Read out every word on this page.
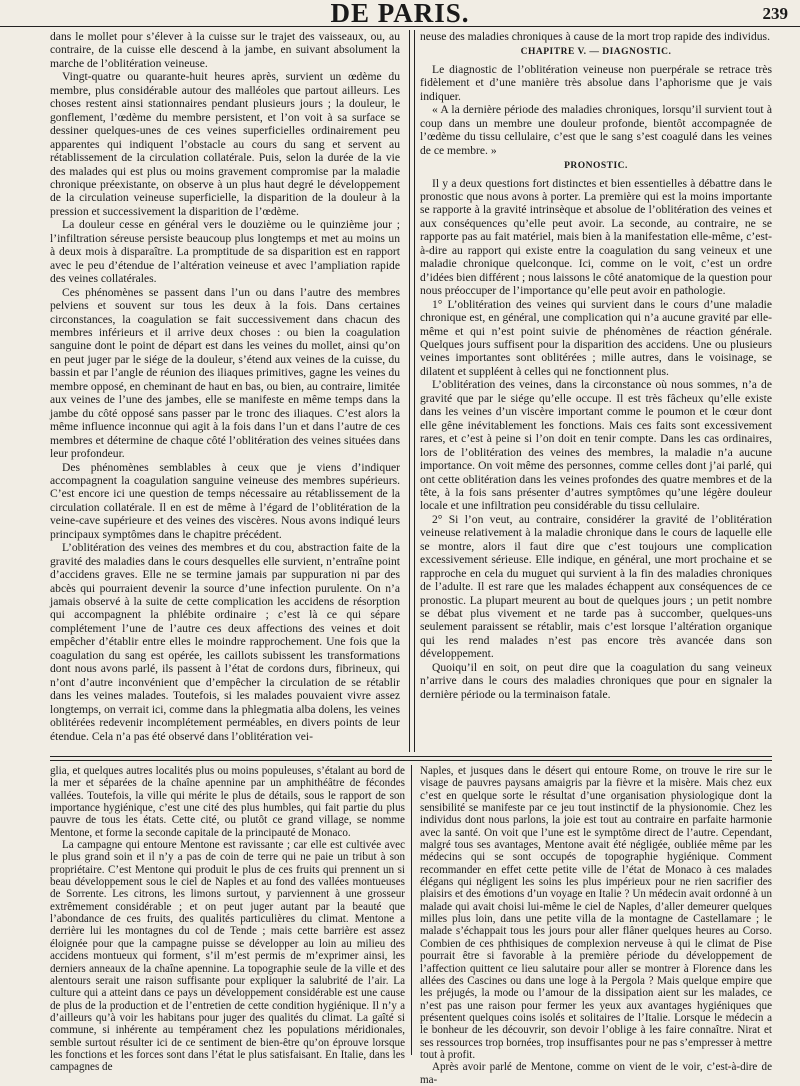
DE PARIS.	239

dans le mollet pour s’élever à la cuisse sur le trajet des vaisseaux, ou, au contraire, de la cuisse elle descend à la jambe, en suivant absolument la marche de l’oblitération veineuse.

Vingt-quatre ou quarante-huit heures après, survient un œdème du membre, plus considérable autour des malléoles que partout ailleurs. Les choses restent ainsi stationnaires pendant plusieurs jours ; la douleur, le gonflement, l’œdème du membre persistent, et l’on voit à sa surface se dessiner quelques-unes de ces veines superficielles ordinairement peu apparentes qui indiquent l’obstacle au cours du sang et servent au rétablissement de la circulation collatérale. Puis, selon la durée de la vie des malades qui est plus ou moins gravement compromise par la maladie chronique préexistante, on observe à un plus haut degré le développement de la circulation veineuse superficielle, la disparition de la douleur à la pression et successivement la disparition de l’œdème.

La douleur cesse en général vers le douzième ou le quinzième jour ; l’infiltration séreuse persiste beaucoup plus longtemps et met au moins un à deux mois à disparaître. La promptitude de sa disparition est en rapport avec le peu d’étendue de l’altération veineuse et avec l’ampliation rapide des veines collatérales.

Ces phénomènes se passent dans l’un ou dans l’autre des membres pelviens et souvent sur tous les deux à la fois. Dans certaines circonstances, la coagulation se fait successivement dans chacun des membres inférieurs et il arrive deux choses : ou bien la coagulation sanguine dont le point de départ est dans les veines du mollet, ainsi qu’on en peut juger par le siége de la douleur, s’étend aux veines de la cuisse, du bassin et par l’angle de réunion des iliaques primitives, gagne les veines du membre opposé, en cheminant de haut en bas, ou bien, au contraire, limitée aux veines de l’une des jambes, elle se manifeste en même temps dans la jambe du côté opposé sans passer par le tronc des iliaques. C’est alors la même influence inconnue qui agit à la fois dans l’un et dans l’autre de ces membres et détermine de chaque côté l’oblitération des veines situées dans leur profondeur.

Des phénomènes semblables à ceux que je viens d’indiquer accompagnent la coagulation sanguine veineuse des membres supérieurs. C’est encore ici une question de temps nécessaire au rétablissement de la circulation collatérale. Il en est de même à l’égard de l’oblitération de la veine-cave supérieure et des veines des viscères. Nous avons indiqué leurs principaux symptômes dans le chapitre précédent.

L’oblitération des veines des membres et du cou, abstraction faite de la gravité des maladies dans le cours desquelles elle survient, n’entraîne point d’accidens graves. Elle ne se termine jamais par suppuration ni par des abcès qui pourraient devenir la source d’une infection purulente. On n’a jamais observé à la suite de cette complication les accidens de résorption qui accompagnent la phlébite ordinaire ; c’est là ce qui sépare complétement l’une de l’autre ces deux affections des veines et doit empêcher d’établir entre elles le moindre rapprochement. Une fois que la coagulation du sang est opérée, les caillots subissent les transformations dont nous avons parlé, ils passent à l’état de cordons durs, fibrineux, qui n’ont d’autre inconvénient que d’empêcher la circulation de se rétablir dans les veines malades. Toutefois, si les malades pouvaient vivre assez longtemps, on verrait ici, comme dans la phlegmatia alba dolens, les veines oblitérées redevenir incomplétement perméables, en divers points de leur étendue. Cela n’a pas été observé dans l’oblitération vei-

neuse des maladies chroniques à cause de la mort trop rapide des individus.

CHAPITRE V. — DIAGNOSTIC.

Le diagnostic de l’oblitération veineuse non puerpérale se retrace très fidèlement et d’une manière très absolue dans l’aphorisme que je vais indiquer.

« A la dernière période des maladies chroniques, lorsqu’il survient tout à coup dans un membre une douleur profonde, bientôt accompagnée de l’œdème du tissu cellulaire, c’est que le sang s’est coagulé dans les veines de ce membre. »

PRONOSTIC.

Il y a deux questions fort distinctes et bien essentielles à débattre dans le pronostic que nous avons à porter. La première qui est la moins importante se rapporte à la gravité intrinsèque et absolue de l’oblitération des veines et aux conséquences qu’elle peut avoir. La seconde, au contraire, ne se rapporte pas au fait matériel, mais bien à la manifestation elle-même, c’est-à-dire au rapport qui existe entre la coagulation du sang veineux et une maladie chronique quelconque. Ici, comme on le voit, c’est un ordre d’idées bien différent ; nous laissons le côté anatomique de la question pour nous préoccuper de l’importance qu’elle peut avoir en pathologie.

1° L’oblitération des veines qui survient dans le cours d’une maladie chronique est, en général, une complication qui n’a aucune gravité par elle-même et qui n’est point suivie de phénomènes de réaction générale. Quelques jours suffisent pour la disparition des accidens. Une ou plusieurs veines importantes sont oblitérées ; mille autres, dans le voisinage, se dilatent et suppléent à celles qui ne fonctionnent plus.

L’oblitération des veines, dans la circonstance où nous sommes, n’a de gravité que par le siége qu’elle occupe. Il est très fâcheux qu’elle existe dans les veines d’un viscère important comme le poumon et le cœur dont elle gêne inévitablement les fonctions. Mais ces faits sont excessivement rares, et c’est à peine si l’on doit en tenir compte. Dans les cas ordinaires, lors de l’oblitération des veines des membres, la maladie n’a aucune importance. On voit même des personnes, comme celles dont j’ai parlé, qui ont cette oblitération dans les veines profondes des quatre membres et de la tête, à la fois sans présenter d’autres symptômes qu’une légère douleur locale et une infiltration peu considérable du tissu cellulaire.

2° Si l’on veut, au contraire, considérer la gravité de l’oblitération veineuse relativement à la maladie chronique dans le cours de laquelle elle se montre, alors il faut dire que c’est toujours une complication excessivement sérieuse. Elle indique, en général, une mort prochaine et se rapproche en cela du muguet qui survient à la fin des maladies chroniques de l’adulte. Il est rare que les malades échappent aux conséquences de ce pronostic. La plupart meurent au bout de quelques jours ; un petit nombre se débat plus vivement et ne tarde pas à succomber, quelques-uns seulement paraissent se rétablir, mais c’est lorsque l’altération organique qui les rend malades n’est pas encore très avancée dans son développement.

Quoiqu’il en soit, on peut dire que la coagulation du sang veineux n’arrive dans le cours des maladies chroniques que pour en signaler la dernière période ou la terminaison fatale.

glia, et quelques autres localités plus ou moins populeuses, s’étalant au bord de la mer et séparées de la chaîne apennine par un amphithéâtre de fécondes vallées. Toutefois, la ville qui mérite le plus de détails, sous le rapport de son importance hygiénique, c’est une cité des plus humbles, qui fait partie du plus pauvre de tous les états. Cette cité, ou plutôt ce grand village, se nomme Mentone, et forme la seconde capitale de la principauté de Monaco.

La campagne qui entoure Mentone est ravissante ; car elle est cultivée avec le plus grand soin et il n’y a pas de coin de terre qui ne paie un tribut à son propriétaire. C’est Mentone qui produit le plus de ces fruits qui prennent un si beau développement sous le ciel de Naples et au fond des vallées montueuses de Sorrente. Les citrons, les limons surtout, y parviennent à une grosseur extrêmement considérable ; et on peut juger autant par la beauté que l’abondance de ces fruits, des qualités particulières du climat. Mentone a derrière lui les montagnes du col de Tende ; mais cette barrière est assez éloignée pour que la campagne puisse se développer au loin au milieu des accidens montueux qui forment, s’il m’est permis de m’exprimer ainsi, les derniers anneaux de la chaîne apennine. La topographie seule de la ville et des alentours serait une raison suffisante pour expliquer la salubrité de l’air. La culture qui a atteint dans ce pays un développement considérable est une cause de plus de la production et de l’entretien de cette condition hygiénique. Il n’y a d’ailleurs qu’à voir les habitans pour juger des qualités du climat. La gaîté si commune, si inhérente au tempérament chez les populations méridionales, semble surtout résulter ici de ce sentiment de bien-être qu’on éprouve lorsque les fonctions et les forces sont dans l’état le plus satisfaisant. En Italie, dans les campagnes de

Naples, et jusques dans le désert qui entoure Rome, on trouve le rire sur le visage de pauvres paysans amaigris par la fièvre et la misère. Mais chez eux c’est en quelque sorte le résultat d’une organisation physiologique dont la sensibilité se manifeste par ce jeu tout instinctif de la physionomie. Chez les individus dont nous parlons, la joie est tout au contraire en parfaite harmonie avec la santé. On voit que l’une est le symptôme direct de l’autre. Cependant, malgré tous ses avantages, Mentone avait été négligée, oubliée même par les médecins qui se sont occupés de topographie hygiénique. Comment recommander en effet cette petite ville de l’état de Monaco à ces malades élégans qui négligent les soins les plus impérieux pour ne rien sacrifier des plaisirs et des émotions d’un voyage en Italie ? Un médecin avait ordonné à un malade qui avait choisi lui-même le ciel de Naples, d’aller demeurer quelques milles plus loin, dans une petite villa de la montagne de Castellamare ; le malade s’échappait tous les jours pour aller flâner quelques heures au Corso. Combien de ces phthisiques de complexion nerveuse à qui le climat de Pise pourrait être si favorable à la première période du développement de l’affection quittent ce lieu salutaire pour aller se montrer à Florence dans les allées des Cascines ou dans une loge à la Pergola ? Mais quelque empire que les préjugés, la mode ou l’amour de la dissipation aient sur les malades, ce n’est pas une raison pour fermer les yeux aux avantages hygiéniques que présentent quelques coins isolés et solitaires de l’Italie. Lorsque le médecin a le bonheur de les découvrir, son devoir l’oblige à les faire connaître. Nirat et ses ressources trop bornées, trop insuffisantes pour ne pas s’empresser à mettre tout à profit.

Après avoir parlé de Mentone, comme on vient de le voir, c’est-à-dire de ma-
